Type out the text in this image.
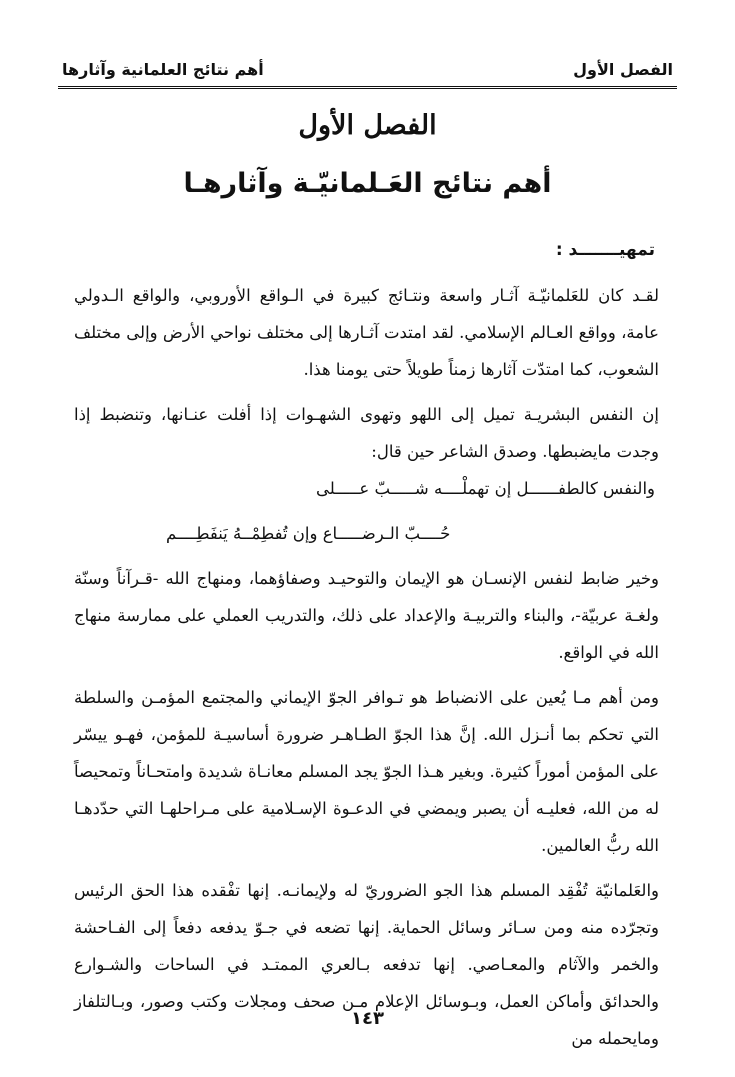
الفصل الأول
أهم نتائج العلمانية وآثارها
الفصل الأول
أهم نتائج العَـلمانيّـة وآثارهـا

تمهيـــــــد :

لقـد كان للعَلمانيّـة آثـار واسعة ونتـائج كبيرة في الـواقع الأوروبي، والواقع الـدولي عامة، وواقع العـالم الإسلامي. لقد امتدت آثـارها إلى مختلف نواحي الأرض وإلى مختلف الشعوب، كما امتدّت آثارها زمناً طويلاً حتى يومنا هذا.

إن النفس البشريـة تميل إلى اللهو وتهوى الشهـوات إذا أفلت عنـانها، وتنضبط إذا وجدت مايضبطها. وصدق الشاعر حين قال:

والنفس كالطفــــــل إن تهملْــــه شـــــبّ عـــــلى

حُــــبّ الـرضـــــاع وإن تُفطِمْــهُ يَنفَطِــــم

وخير ضابط لنفس الإنسـان هو الإيمان والتوحيـد وصفاؤهما، ومنهاج الله -قـرآناً وسنّة ولغـة عربيّة-، والبناء والتربيـة والإعداد على ذلك، والتدريب العملي على ممارسة منهاج الله في الواقع.

ومن أهم مـا يُعين على الانضباط هو تـوافر الجوّ الإيماني والمجتمع المؤمـن والسلطة التي تحكم بما أنـزل الله. إنَّ هذا الجوّ الطـاهـر ضرورة أساسيـة للمؤمن، فهـو ييسّر على المؤمن أموراً كثيرة. وبغير هـذا الجوّ يجد المسلم معانـاة شديدة وامتحـاناً وتمحيصاً له من الله، فعليـه أن يصبر ويمضي في الدعـوة الإسـلامية على مـراحلهـا التي حدّدهـا الله ربُّ العالمين.

والعَلمانيّة تُفْقِد المسلم هذا الجو الضروريّ له ولإيمانـه. إنها تفْقده هذا الحق الرئيس وتجرّده منه ومن سـائر وسائل الحماية. إنها تضعه في جـوّ يدفعه دفعاً إلى الفـاحشة والخمر والآثام والمعـاصي. إنها تدفعه بـالعري الممتـد في الساحات والشـوارع والحدائق وأماكن العمل، وبـوسائل الإعلام مـن صحف ومجلات وكتب وصور، وبـالتلفاز ومايحمله من

١٤٣
